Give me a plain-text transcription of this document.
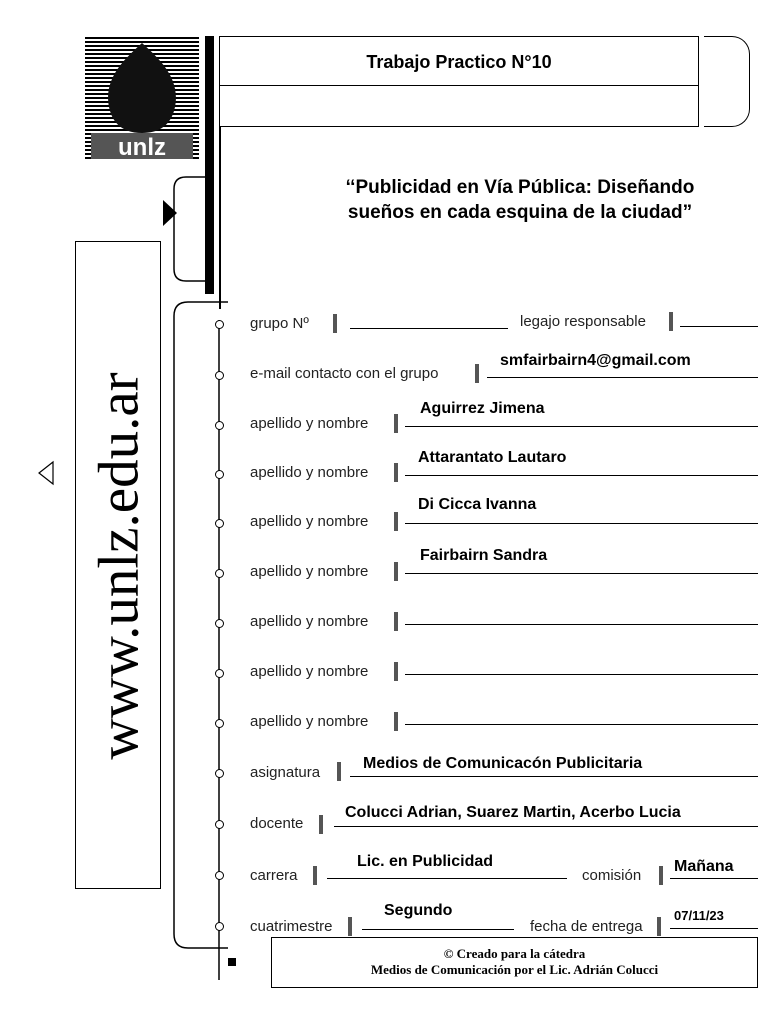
unlz
Trabajo Practico N°10
‘‘Publicidad en Vía Pública: Diseñando
sueños en cada esquina de la ciudad”
www.unlz.edu.ar
grupo Nº	legajo responsable
e-mail contacto con el grupo
smfairbairn4@gmail.com
apellido y nombre
Aguirrez Jimena
apellido y nombre
Attarantato Lautaro
apellido y nombre
Di Cicca Ivanna
apellido y nombre
Fairbairn Sandra
apellido y nombre
apellido y nombre
apellido y nombre
asignatura
Medios de Comunicacón Publicitaria
docente
Colucci Adrian, Suarez Martin, Acerbo Lucia
carrera
Lic. en Publicidad
comisión
Mañana
cuatrimestre
Segundo
fecha de entrega
07/11/23
© Creado para la cátedra
Medios de Comunicación por el Lic. Adrián Colucci
